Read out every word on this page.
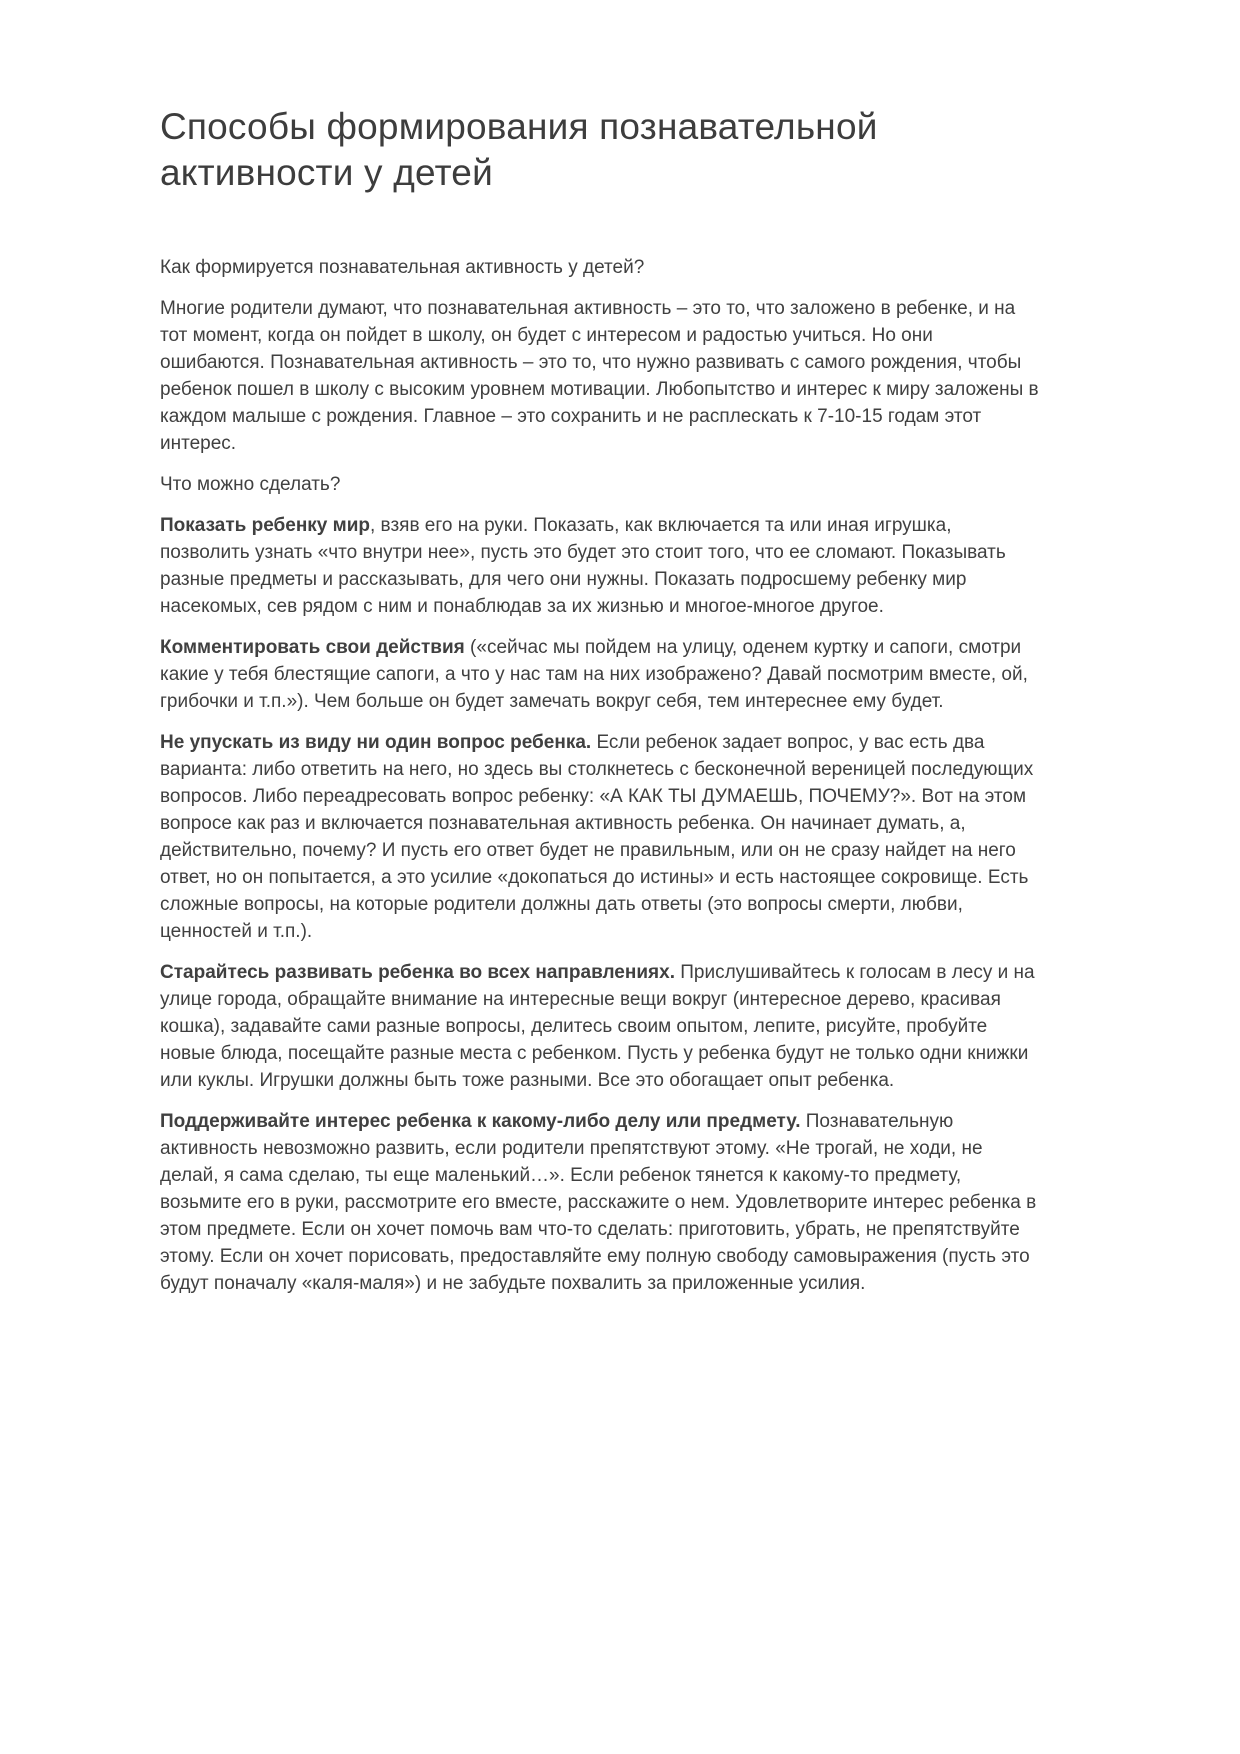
Способы формирования познавательной активности у детей

Как формируется познавательная активность у детей?

Многие родители думают, что познавательная активность – это то, что заложено в ребенке, и на тот момент, когда он пойдет в школу, он будет с интересом и радостью учиться. Но они ошибаются. Познавательная активность – это то, что нужно развивать с самого рождения, чтобы ребенок пошел в школу с высоким уровнем мотивации. Любопытство и интерес к миру заложены в каждом малыше с рождения. Главное – это сохранить и не расплескать к 7-10-15 годам этот интерес.

Что можно сделать?

Показать ребенку мир, взяв его на руки. Показать, как включается та или иная игрушка, позволить узнать «что внутри нее», пусть это будет это стоит того, что ее сломают. Показывать разные предметы и рассказывать, для чего они нужны. Показать подросшему ребенку мир насекомых, сев рядом с ним и понаблюдав за их жизнью и многое-многое другое.

Комментировать свои действия («сейчас мы пойдем на улицу, оденем куртку и сапоги, смотри какие у тебя блестящие сапоги, а что у нас там на них изображено? Давай посмотрим вместе, ой, грибочки и т.п.»). Чем больше он будет замечать вокруг себя, тем интереснее ему будет.

Не упускать из виду ни один вопрос ребенка. Если ребенок задает вопрос, у вас есть два варианта: либо ответить на него, но здесь вы столкнетесь с бесконечной вереницей последующих вопросов. Либо переадресовать вопрос ребенку: «А КАК ТЫ ДУМАЕШЬ, ПОЧЕМУ?». Вот на этом вопросе как раз и включается познавательная активность ребенка. Он начинает думать, а, действительно, почему? И пусть его ответ будет не правильным, или он не сразу найдет на него ответ, но он попытается, а это усилие «докопаться до истины» и есть настоящее сокровище. Есть сложные вопросы, на которые родители должны дать ответы (это вопросы смерти, любви, ценностей и т.п.).

Старайтесь развивать ребенка во всех направлениях. Прислушивайтесь к голосам в лесу и на улице города, обращайте внимание на интересные вещи вокруг (интересное дерево, красивая кошка), задавайте сами разные вопросы, делитесь своим опытом, лепите, рисуйте, пробуйте новые блюда, посещайте разные места с ребенком. Пусть у ребенка будут не только одни книжки или куклы. Игрушки должны быть тоже разными. Все это обогащает опыт ребенка.

Поддерживайте интерес ребенка к какому-либо делу или предмету. Познавательную активность невозможно развить, если родители препятствуют этому. «Не трогай, не ходи, не делай, я сама сделаю, ты еще маленький…». Если ребенок тянется к какому-то предмету, возьмите его в руки, рассмотрите его вместе, расскажите о нем. Удовлетворите интерес ребенка в этом предмете. Если он хочет помочь вам что-то сделать: приготовить, убрать, не препятствуйте этому. Если он хочет порисовать, предоставляйте ему полную свободу самовыражения (пусть это будут поначалу «каля-маля») и не забудьте похвалить за приложенные усилия.
